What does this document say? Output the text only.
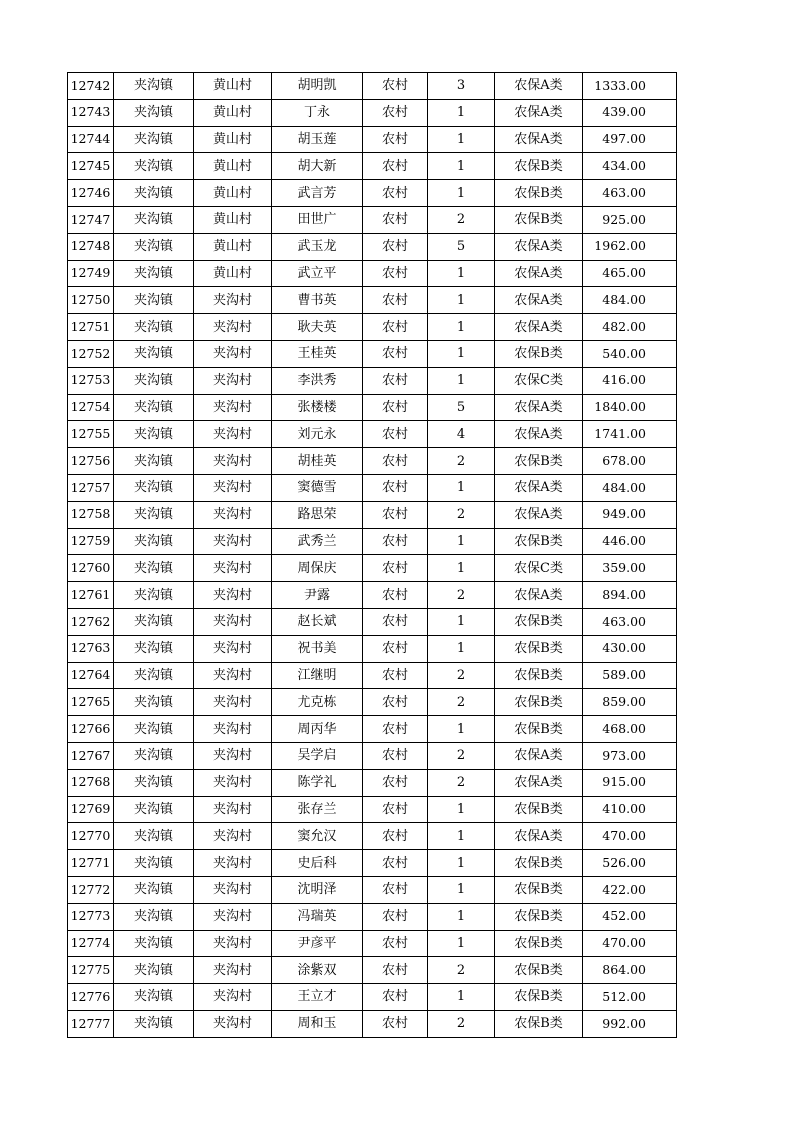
12742	夹沟镇	黄山村	胡明凯	农村	3	农保A类	1333.00
12743	夹沟镇	黄山村	丁永	农村	1	农保A类	439.00
12744	夹沟镇	黄山村	胡玉莲	农村	1	农保A类	497.00
12745	夹沟镇	黄山村	胡大新	农村	1	农保B类	434.00
12746	夹沟镇	黄山村	武言芳	农村	1	农保B类	463.00
12747	夹沟镇	黄山村	田世广	农村	2	农保B类	925.00
12748	夹沟镇	黄山村	武玉龙	农村	5	农保A类	1962.00
12749	夹沟镇	黄山村	武立平	农村	1	农保A类	465.00
12750	夹沟镇	夹沟村	曹书英	农村	1	农保A类	484.00
12751	夹沟镇	夹沟村	耿夫英	农村	1	农保A类	482.00
12752	夹沟镇	夹沟村	王桂英	农村	1	农保B类	540.00
12753	夹沟镇	夹沟村	李洪秀	农村	1	农保C类	416.00
12754	夹沟镇	夹沟村	张楼楼	农村	5	农保A类	1840.00
12755	夹沟镇	夹沟村	刘元永	农村	4	农保A类	1741.00
12756	夹沟镇	夹沟村	胡桂英	农村	2	农保B类	678.00
12757	夹沟镇	夹沟村	窦德雪	农村	1	农保A类	484.00
12758	夹沟镇	夹沟村	路思荣	农村	2	农保A类	949.00
12759	夹沟镇	夹沟村	武秀兰	农村	1	农保B类	446.00
12760	夹沟镇	夹沟村	周保庆	农村	1	农保C类	359.00
12761	夹沟镇	夹沟村	尹露	农村	2	农保A类	894.00
12762	夹沟镇	夹沟村	赵长斌	农村	1	农保B类	463.00
12763	夹沟镇	夹沟村	祝书美	农村	1	农保B类	430.00
12764	夹沟镇	夹沟村	江继明	农村	2	农保B类	589.00
12765	夹沟镇	夹沟村	尤克栋	农村	2	农保B类	859.00
12766	夹沟镇	夹沟村	周丙华	农村	1	农保B类	468.00
12767	夹沟镇	夹沟村	吴学启	农村	2	农保A类	973.00
12768	夹沟镇	夹沟村	陈学礼	农村	2	农保A类	915.00
12769	夹沟镇	夹沟村	张存兰	农村	1	农保B类	410.00
12770	夹沟镇	夹沟村	窦允汉	农村	1	农保A类	470.00
12771	夹沟镇	夹沟村	史后科	农村	1	农保B类	526.00
12772	夹沟镇	夹沟村	沈明泽	农村	1	农保B类	422.00
12773	夹沟镇	夹沟村	冯瑞英	农村	1	农保B类	452.00
12774	夹沟镇	夹沟村	尹彦平	农村	1	农保B类	470.00
12775	夹沟镇	夹沟村	涂紫双	农村	2	农保B类	864.00
12776	夹沟镇	夹沟村	王立才	农村	1	农保B类	512.00
12777	夹沟镇	夹沟村	周和玉	农村	2	农保B类	992.00
